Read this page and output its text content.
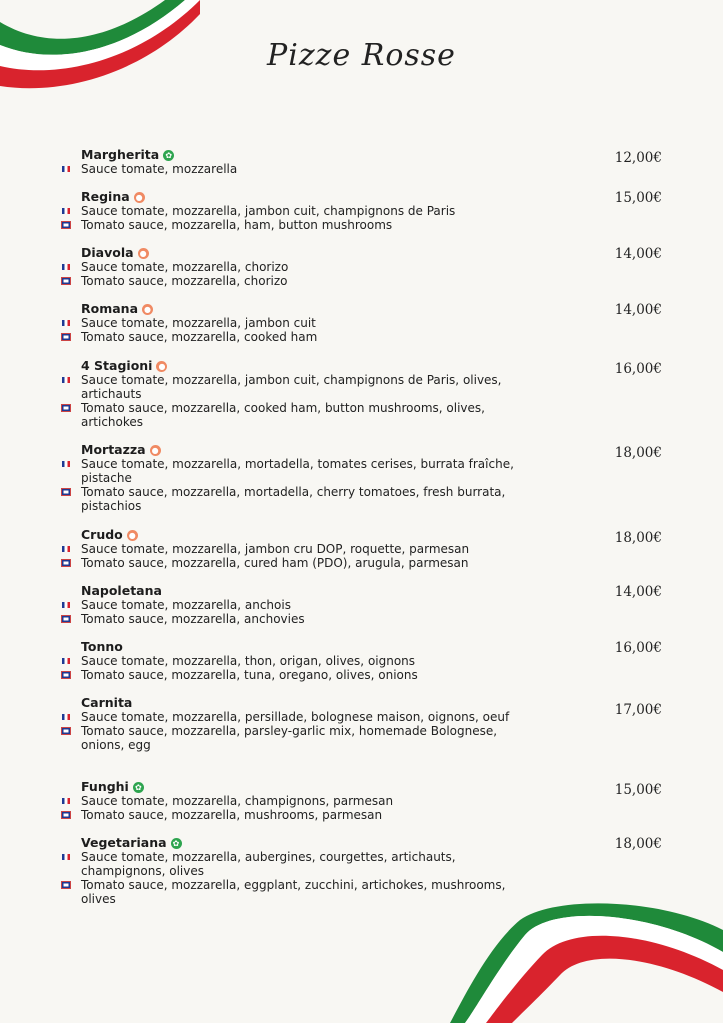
Pizze Rosse
Margherita ✿
Sauce tomate, mozzarella
12,00€
Regina ●
Sauce tomate, mozzarella, jambon cuit, champignons de Paris
Tomato sauce, mozzarella, ham, button mushrooms
15,00€
Diavola ●
Sauce tomate, mozzarella, chorizo
Tomato sauce, mozzarella, chorizo
14,00€
Romana ●
Sauce tomate, mozzarella, jambon cuit
Tomato sauce, mozzarella, cooked ham
14,00€
4 Stagioni ●
Sauce tomate, mozzarella, jambon cuit, champignons de Paris, olives, artichauts
Tomato sauce, mozzarella, cooked ham, button mushrooms, olives, artichokes
16,00€
Mortazza ●
Sauce tomate, mozzarella, mortadella, tomates cerises, burrata fraîche, pistache
Tomato sauce, mozzarella, mortadella, cherry tomatoes, fresh burrata, pistachios
18,00€
Crudo ●
Sauce tomate, mozzarella, jambon cru DOP, roquette, parmesan
Tomato sauce, mozzarella, cured ham (PDO), arugula, parmesan
18,00€
Napoletana
Sauce tomate, mozzarella, anchois
Tomato sauce, mozzarella, anchovies
14,00€
Tonno
Sauce tomate, mozzarella, thon, origan, olives, oignons
Tomato sauce, mozzarella, tuna, oregano, olives, onions
16,00€
Carnita
Sauce tomate, mozzarella, persillade, bolognese maison, oignons, oeuf
Tomato sauce, mozzarella, parsley-garlic mix, homemade Bolognese, onions, egg
17,00€
Funghi ✿
Sauce tomate, mozzarella, champignons, parmesan
Tomato sauce, mozzarella, mushrooms, parmesan
15,00€
Vegetariana ✿
Sauce tomate, mozzarella, aubergines, courgettes, artichauts, champignons, olives
Tomato sauce, mozzarella, eggplant, zucchini, artichokes, mushrooms, olives
18,00€
